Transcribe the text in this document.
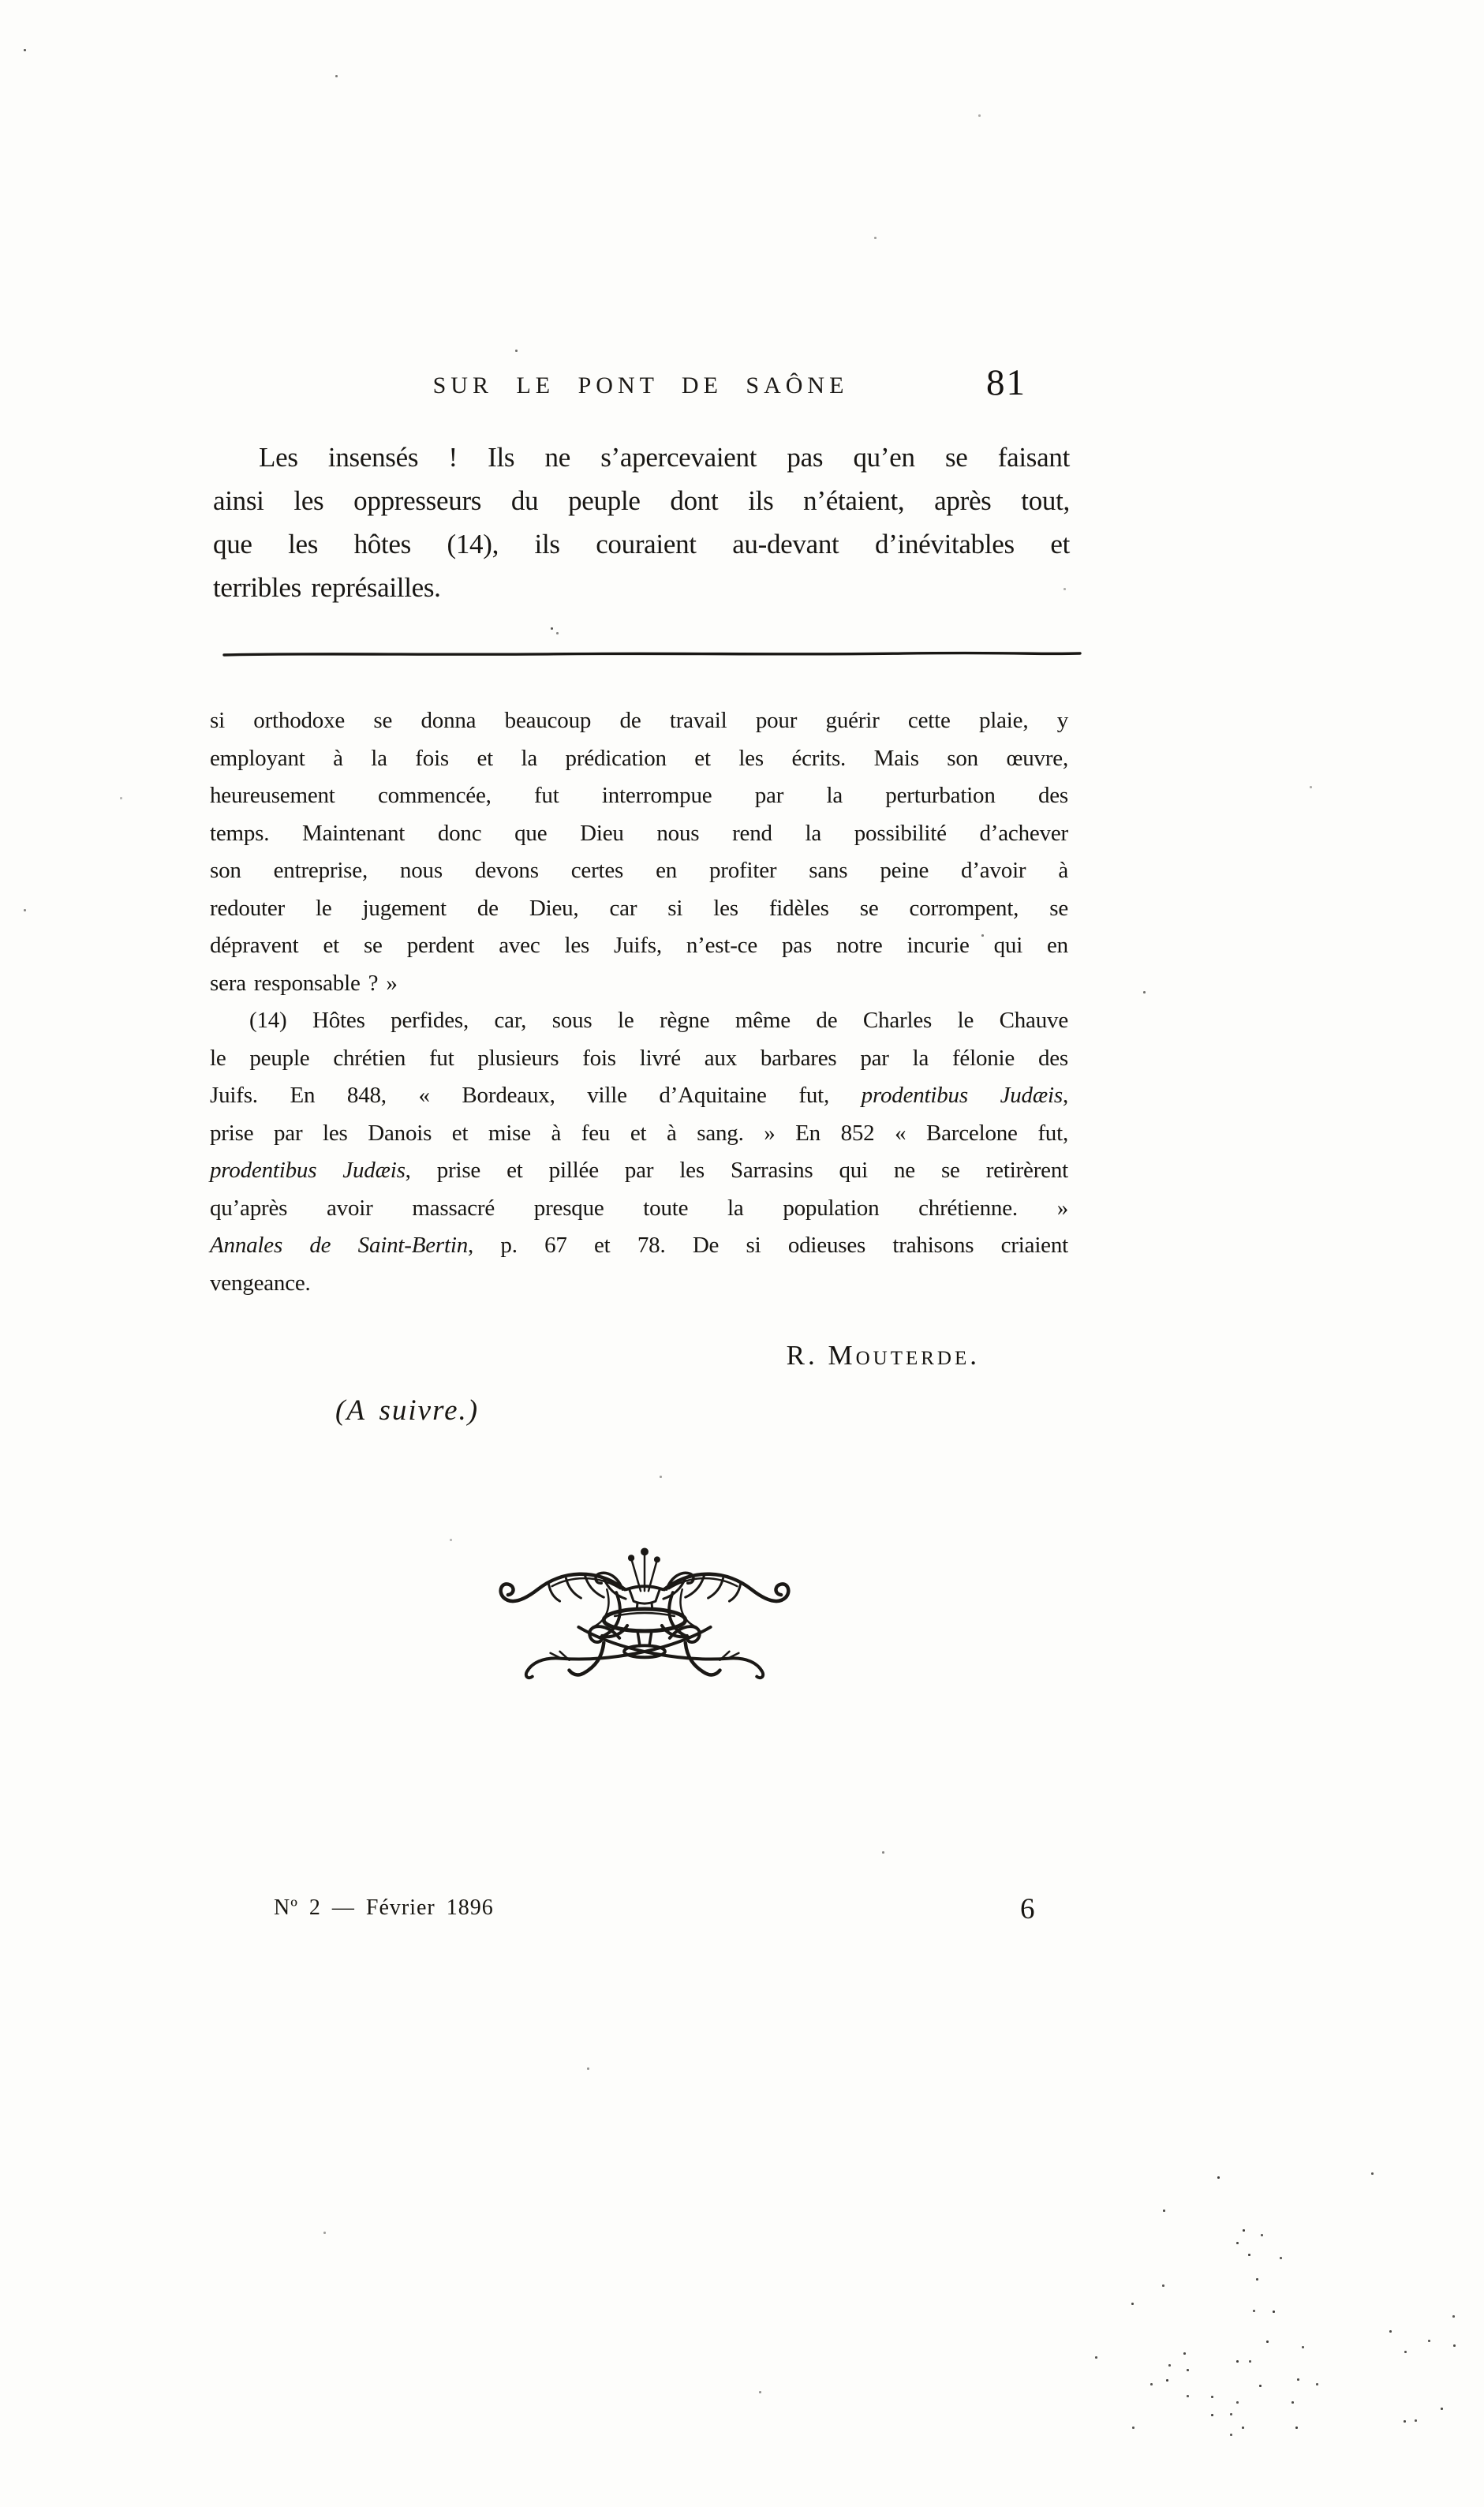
SUR LE PONT DE SAÔNE	81
Les insensés ! Ils ne s’apercevaient pas qu’en se faisant
ainsi les oppresseurs du peuple dont ils n’étaient, après tout,
que les hôtes (14), ils couraient au-devant d’inévitables et
terribles représailles.
si orthodoxe se donna beaucoup de travail pour guérir cette plaie, y
employant à la fois et la prédication et les écrits. Mais son œuvre,
heureusement commencée, fut interrompue par la perturbation des
temps. Maintenant donc que Dieu nous rend la possibilité d’achever
son entreprise, nous devons certes en profiter sans peine d’avoir à
redouter le jugement de Dieu, car si les fidèles se corrompent, se
dépravent et se perdent avec les Juifs, n’est-ce pas notre incurie qui en
sera responsable ? »
(14) Hôtes perfides, car, sous le règne même de Charles le Chauve
le peuple chrétien fut plusieurs fois livré aux barbares par la félonie des
Juifs. En 848, « Bordeaux, ville d’Aquitaine fut, prodentibus Judæis,
prise par les Danois et mise à feu et à sang. » En 852 « Barcelone fut,
prodentibus Judæis, prise et pillée par les Sarrasins qui ne se retirèrent
qu’après avoir massacré presque toute la population chrétienne. »
Annales de Saint-Bertin, p. 67 et 78. De si odieuses trahisons criaient
vengeance.
R. Mouterde.
(A suivre.)
Nº 2 — Février 1896	6
